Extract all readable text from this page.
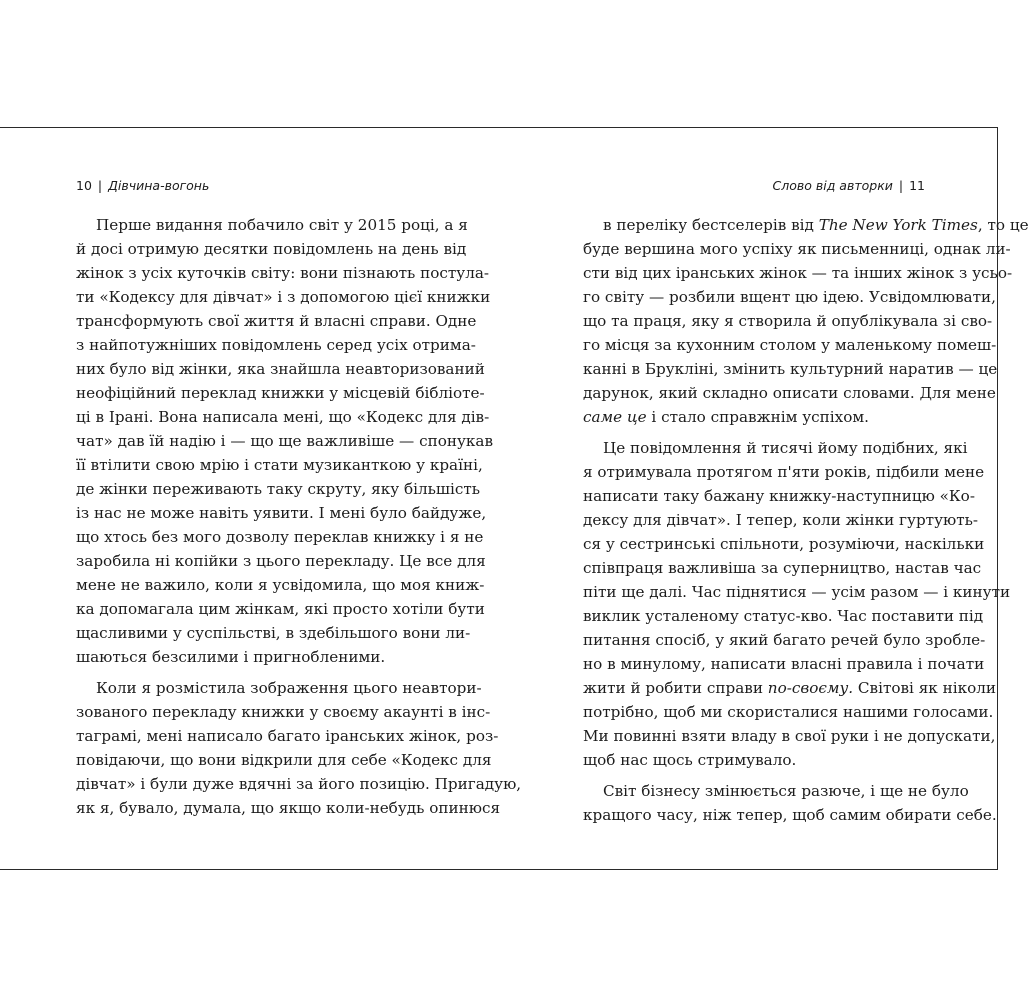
10 | Дівчина-вогонь	Слово від авторки | 11
Перше видання побачило світ у 2015 році, а я
й досі отримую десятки повідомлень на день від
жінок з усіх куточків світу: вони пізнають постула-
ти «Кодексу для дівчат» і з допомогою цієї книжки
трансформують свої життя й власні справи. Одне
з найпотужніших повідомлень серед усіх отрима-
них було від жінки, яка знайшла неавторизований
неофіційний переклад книжки у місцевій бібліоте-
ці в Ірані. Вона написала мені, що «Кодекс для дів-
чат» дав їй надію і — що ще важливіше — спонукав
її втілити свою мрію і стати музиканткою у країні,
де жінки переживають таку скруту, яку більшість
із нас не може навіть уявити. І мені було байдуже,
що хтось без мого дозволу переклав книжку і я не
заробила ні копійки з цього перекладу. Це все для
мене не важило, коли я усвідомила, що моя книж-
ка допомагала цим жінкам, які просто хотіли бути
щасливими у суспільстві, в здебільшого вони ли-
шаються безсилими і пригнобленими.
Коли я розмістила зображення цього неавтори-
зованого перекладу книжки у своєму акаунті в інс-
таграмі, мені написало багато іранських жінок, роз-
повідаючи, що вони відкрили для себе «Кодекс для
дівчат» і були дуже вдячні за його позицію. Пригадую,
як я, бувало, думала, що якщо коли-небудь опинюся
в переліку бестселерів від The New York Times, то це
буде вершина мого успіху як письменниці, однак ли-
сти від цих іранських жінок — та інших жінок з усьо-
го світу — розбили вщент цю ідею. Усвідомлювати,
що та праця, яку я створила й опублікувала зі сво-
го місця за кухонним столом у маленькому помеш-
канні в Брукліні, змінить культурний наратив — це
дарунок, який складно описати словами. Для мене
саме це і стало справжнім успіхом.
Це повідомлення й тисячі йому подібних, які
я отримувала протягом п'яти років, підбили мене
написати таку бажану книжку-наступницю «Ко-
дексу для дівчат». І тепер, коли жінки гуртують-
ся у сестринські спільноти, розуміючи, наскільки
співпраця важливіша за суперництво, настав час
піти ще далі. Час піднятися — усім разом — і кинути
виклик усталеному статус-кво. Час поставити під
питання спосіб, у який багато речей було зроблe-
но в минулому, написати власні правила і почати
жити й робити справи по-своєму. Світові як ніколи
потрібно, щоб ми скористалися нашими голосами.
Ми повинні взяти владу в свої руки і не допускати,
щоб нас щось стримувало.
Світ бізнесу змінюється разюче, і ще не було
кращого часу, ніж тепер, щоб самим обирати себе.
